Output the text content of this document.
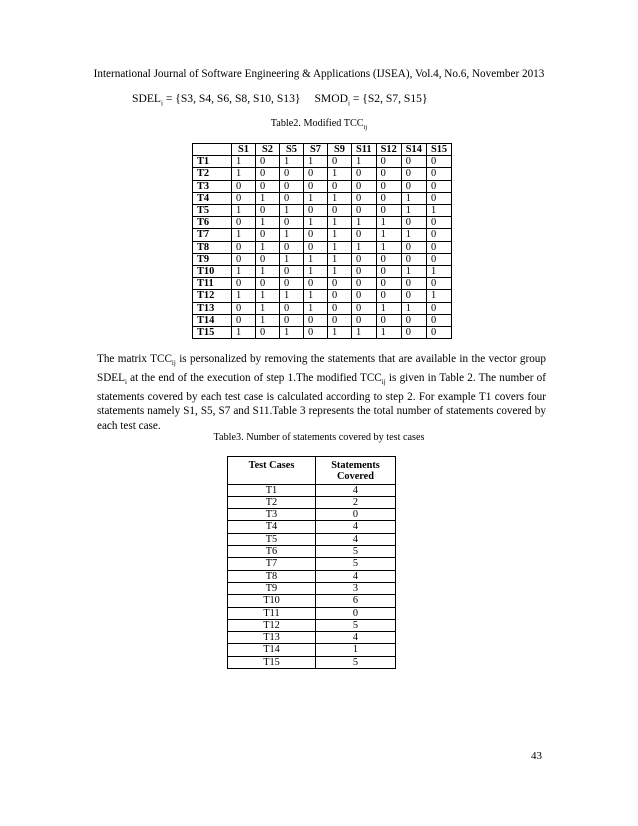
International Journal of Software Engineering & Applications (IJSEA), Vol.4, No.6, November 2013
$SDEL_i = \{S3$, S4, S6, S8, S10, S13} $SMOD_i = \{S2$, S7, S15}
Table2. Modified $TCC_{ij}$
	S1	S2	S5	S7	S9	S11	S12	S14	S15
T1	1	0	1	1	0	1	0	0	0
T2	1	0	0	0	1	0	0	0	0
T3	0	0	0	0	0	0	0	0	0
T4	0	1	0	1	1	0	0	1	0
T5	1	0	1	0	0	0	0	1	1
T6	0	1	0	1	1	1	1	0	0
T7	1	0	1	0	1	0	1	1	0
T8	0	1	0	0	1	1	1	0	0
T9	0	0	1	1	1	0	0	0	0
T10	1	1	0	1	1	0	0	1	1
T11	0	0	0	0	0	0	0	0	0
T12	1	1	1	1	0	0	0	0	1
T13	0	1	0	1	0	0	1	1	0
T14	0	1	0	0	0	0	0	0	0
T15	1	0	1	0	1	1	1	0	0
The matrix $TCC_{ij}$ is personalized by removing the statements that are available in the vector group $SDEL_i$ at the end of the execution of step 1.The modified $TCC_{ij}$ is given in Table 2. The number of statements covered by each test case is calculated according to step 2. For example T1 covers four statements namely S1, S5, S7 and S11.Table 3 represents the total number of statements covered by each test case.
Table3. Number of statements covered by test cases
Test Cases	Statements Covered
T1	4
T2	2
T3	0
T4	4
T5	4
T6	5
T7	5
T8	4
T9	3
T10	6
T11	0
T12	5
T13	4
T14	1
T15	5
43
